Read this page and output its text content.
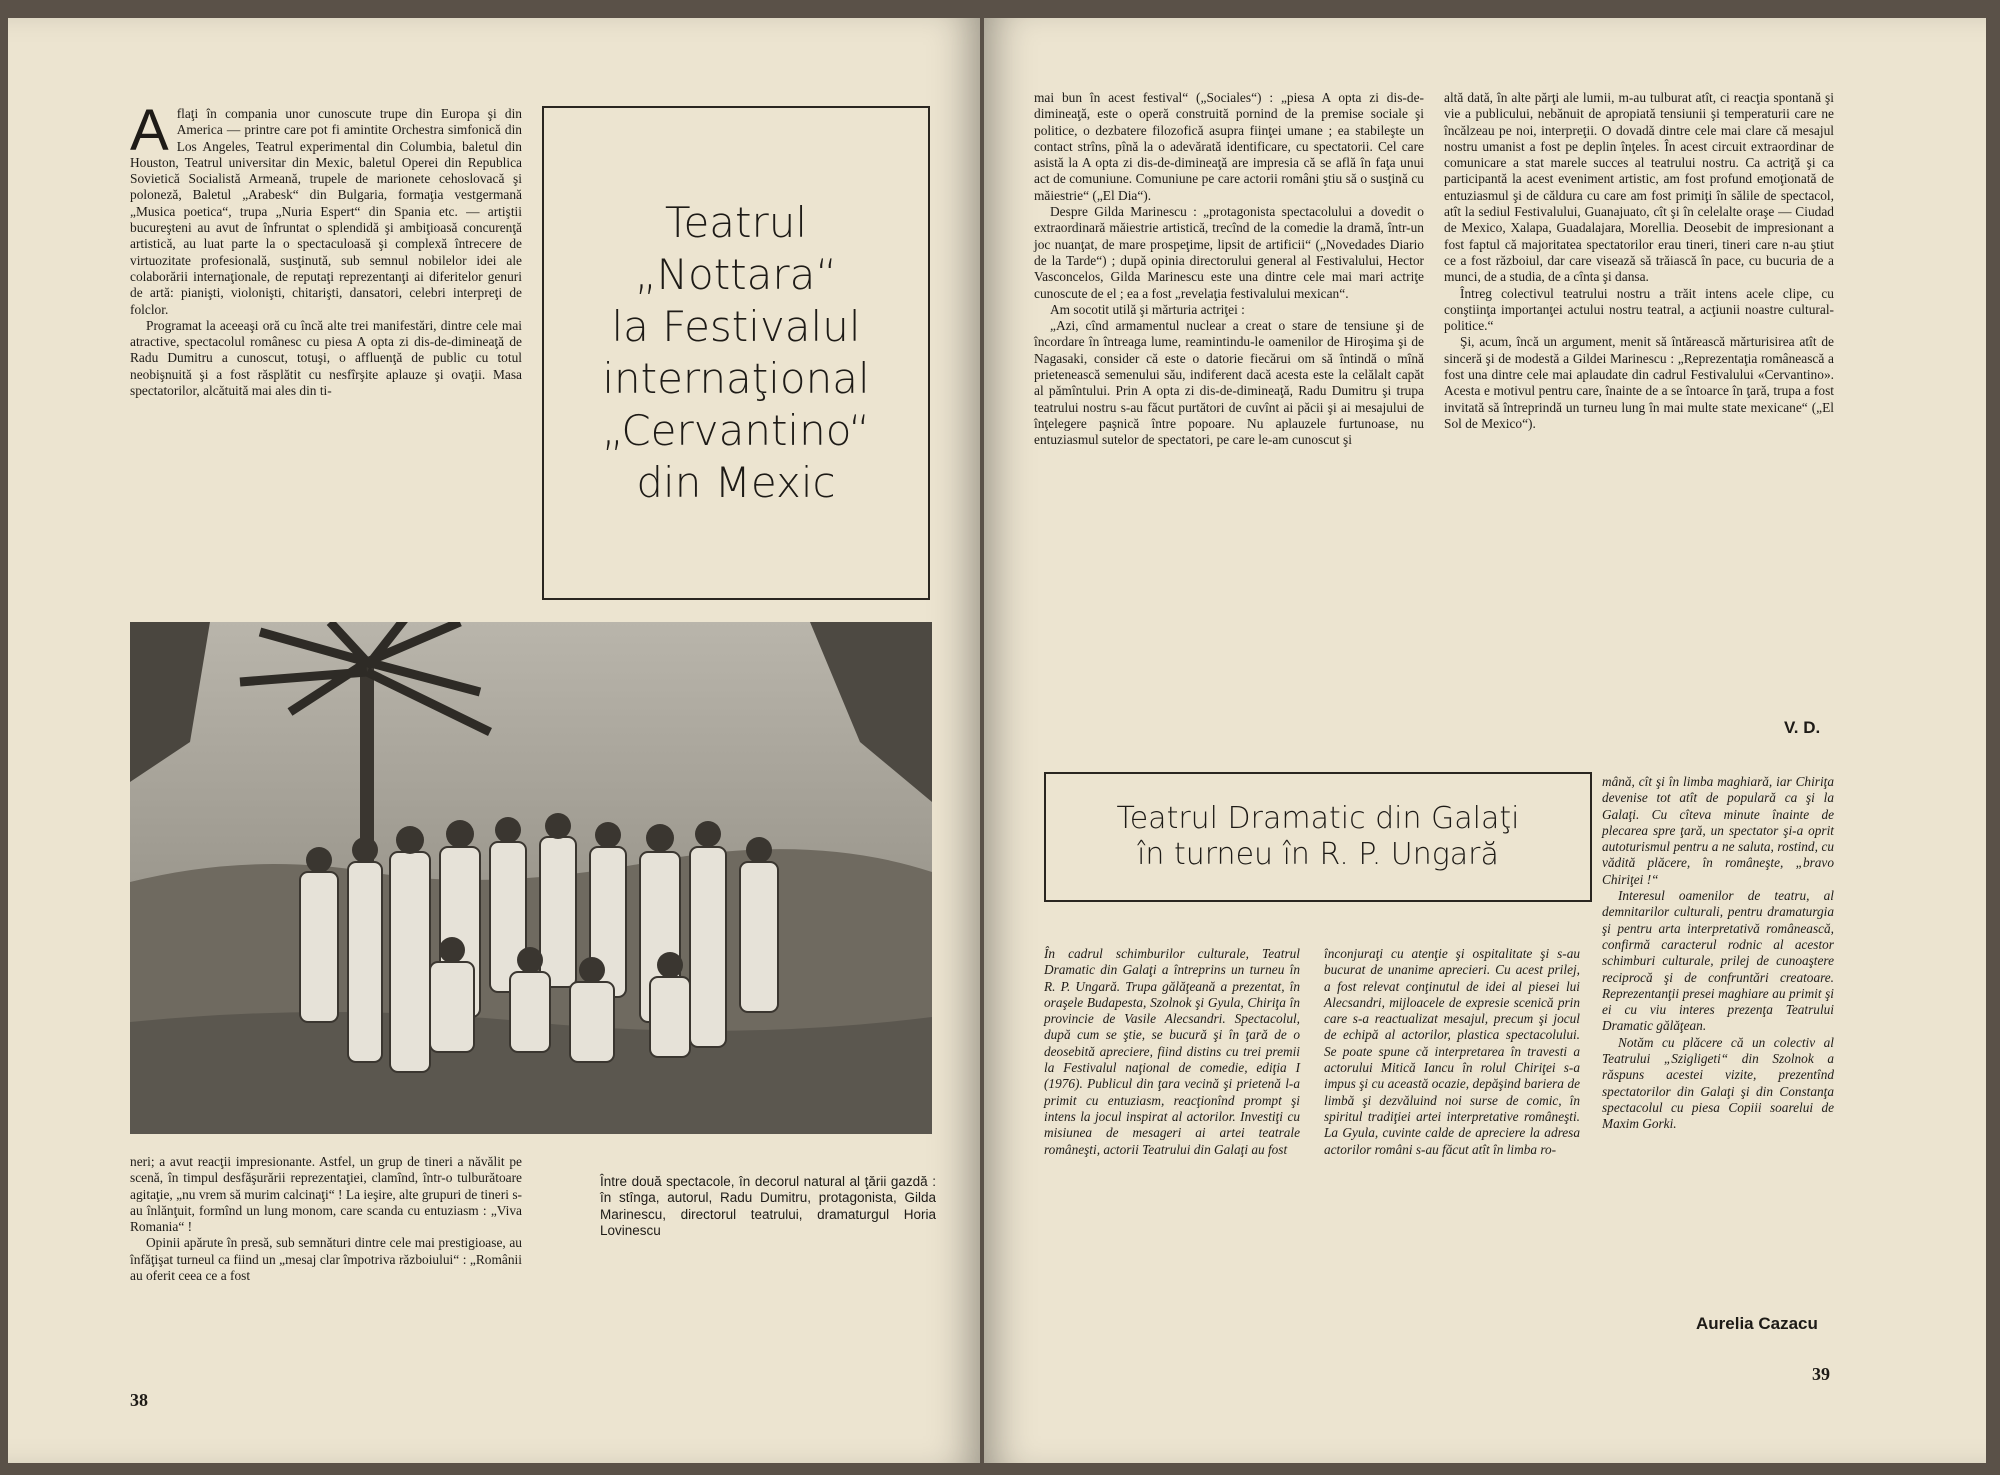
A flaţi în compania unor cunoscute trupe din Europa şi din America — printre care pot fi amintite Orchestra simfonică din Los Angeles, Teatrul experimental din Columbia, baletul din Houston, Teatrul universitar din Mexic, baletul Operei din Republica Sovietică Socialistă Armeană, trupele de marionete cehoslovacă şi poloneză, Baletul „Arabesk“ din Bulgaria, formaţia vestgermană „Musica poetica“, trupa „Nuria Espert“ din Spania etc. — artiştii bucureşteni au avut de înfruntat o splendidă şi ambiţioasă concurenţă artistică, au luat parte la o spectaculoasă şi complexă întrecere de virtuozitate profesională, susţinută, sub semnul nobilelor idei ale colaborării internaţionale, de reputaţi reprezentanţi ai diferitelor genuri de artă: pianişti, violonişti, chitarişti, dansatori, celebri interpreţi de folclor.

Programat la aceeaşi oră cu încă alte trei manifestări, dintre cele mai atractive, spectacolul românesc cu piesa A opta zi dis-de-dimineaţă de Radu Dumitru a cunoscut, totuşi, o affluenţă de public cu totul neobişnuită şi a fost răsplătit cu nesfîrşite aplauze şi ovaţii. Masa spectatorilor, alcătuită mai ales din ti-

Teatrul
„Nottara“
la Festivalul
internaţional
„Cervantino“
din Mexic

neri; a avut reacţii impresionante. Astfel, un grup de tineri a năvălit pe scenă, în timpul desfăşurării reprezentaţiei, clamînd, într-o tulburătoare agitaţie, „nu vrem să murim calcinaţi“ ! La ieşire, alte grupuri de tineri s-au înlănţuit, formînd un lung monom, care scanda cu entuziasm : „Viva Romania“ !

Opinii apărute în presă, sub semnături dintre cele mai prestigioase, au înfăţişat turneul ca fiind un „mesaj clar împotriva războiului“ : „Românii au oferit ceea ce a fost

Între două spectacole, în decorul natural al ţării gazdă : în stînga, autorul, Radu Dumitru, protagonista, Gilda Marinescu, directorul teatrului, dramaturgul Horia Lovinescu
38

mai bun în acest festival“ („Sociales“) : „piesa A opta zi dis-de-dimineaţă, este o operă construită pornind de la premise sociale şi politice, o dezbatere filozofică asupra fiinţei umane ; ea stabileşte un contact strîns, pînă la o adevărată identificare, cu spectatorii. Cel care asistă la A opta zi dis-de-dimineaţă are impresia că se află în faţa unui act de comuniune. Comuniune pe care actorii români ştiu să o susţină cu măiestrie“ („El Dia“).

Despre Gilda Marinescu : „protagonista spectacolului a dovedit o extraordinară măiestrie artistică, trecînd de la comedie la dramă, într-un joc nuanţat, de mare prospeţime, lipsit de artificii“ („Novedades Diario de la Tarde“) ; după opinia directorului general al Festivalului, Hector Vasconcelos, Gilda Marinescu este una dintre cele mai mari actriţe cunoscute de el ; ea a fost „revelaţia festivalului mexican“.

Am socotit utilă şi mărturia actriţei :

„Azi, cînd armamentul nuclear a creat o stare de tensiune şi de încordare în întreaga lume, reamintindu-le oamenilor de Hiroşima şi de Nagasaki, consider că este o datorie fiecărui om să întindă o mînă prietenească semenului său, indiferent dacă acesta este la celălalt capăt al pămîntului. Prin A opta zi dis-de-dimineaţă, Radu Dumitru şi trupa teatrului nostru s-au făcut purtători de cuvînt ai păcii şi ai mesajului de înţelegere paşnică între popoare. Nu aplauzele furtunoase, nu entuziasmul sutelor de spectatori, pe care le-am cunoscut şi

altă dată, în alte părţi ale lumii, m-au tulburat atît, ci reacţia spontană şi vie a publicului, nebănuit de apropiată tensiunii şi temperaturii care ne încălzeau pe noi, interpreţii. O dovadă dintre cele mai clare că mesajul nostru umanist a fost pe deplin înţeles. În acest circuit extraordinar de comunicare a stat marele succes al teatrului nostru. Ca actriţă şi ca participantă la acest eveniment artistic, am fost profund emoţionată de entuziasmul şi de căldura cu care am fost primiţi în sălile de spectacol, atît la sediul Festivalului, Guanajuato, cît şi în celelalte oraşe — Ciudad de Mexico, Xalapa, Guadalajara, Morellia. Deosebit de impresionant a fost faptul că majoritatea spectatorilor erau tineri, tineri care n-au ştiut ce a fost războiul, dar care visează să trăiască în pace, cu bucuria de a munci, de a studia, de a cînta şi dansa.

Întreg colectivul teatrului nostru a trăit intens acele clipe, cu conştiinţa importanţei actului nostru teatral, a acţiunii noastre cultural-politice.“

Şi, acum, încă un argument, menit să întărească mărturisirea atît de sinceră şi de modestă a Gildei Marinescu : „Reprezentaţia românească a fost una dintre cele mai aplaudate din cadrul Festivalului «Cervantino». Acesta e motivul pentru care, înainte de a se întoarce în ţară, trupa a fost invitată să întreprindă un turneu lung în mai multe state mexicane“ („El Sol de Mexico“).

V. D.
Teatrul Dramatic din Galaţi
în turneu în R. P. Ungară

În cadrul schimburilor culturale, Teatrul Dramatic din Galaţi a întreprins un turneu în R. P. Ungară. Trupa gălăţeană a prezentat, în oraşele Budapesta, Szolnok şi Gyula, Chiriţa în provincie de Vasile Alecsandri. Spectacolul, după cum se ştie, se bucură şi în ţară de o deosebită apreciere, fiind distins cu trei premii la Festivalul naţional de comedie, ediţia I (1976). Publicul din ţara vecină şi prietenă l-a primit cu entuziasm, reacţionînd prompt şi intens la jocul inspirat al actorilor. Investiţi cu misiunea de mesageri ai artei teatrale româneşti, actorii Teatrului din Galaţi au fost

înconjuraţi cu atenţie şi ospitalitate şi s-au bucurat de unanime aprecieri. Cu acest prilej, a fost relevat conţinutul de idei al piesei lui Alecsandri, mijloacele de expresie scenică prin care s-a reactualizat mesajul, precum şi jocul de echipă al actorilor, plastica spectacolului. Se poate spune că interpretarea în travesti a actorului Mitică Iancu în rolul Chiriţei s-a impus şi cu această ocazie, depăşind bariera de limbă şi dezvăluind noi surse de comic, în spiritul tradiţiei artei interpretative româneşti. La Gyula, cuvinte calde de apreciere la adresa actorilor români s-au făcut atît în limba ro-

mână, cît şi în limba maghiară, iar Chiriţa devenise tot atît de populară ca şi la Galaţi. Cu cîteva minute înainte de plecarea spre ţară, un spectator şi-a oprit autoturismul pentru a ne saluta, rostind, cu vădită plăcere, în româneşte, „bravo Chiriţei !“

Interesul oamenilor de teatru, al demnitarilor culturali, pentru dramaturgia şi pentru arta interpretativă românească, confirmă caracterul rodnic al acestor schimburi culturale, prilej de cunoaştere reciprocă şi de confruntări creatoare. Reprezentanţii presei maghiare au primit şi ei cu viu interes prezenţa Teatrului Dramatic gălăţean.

Notăm cu plăcere că un colectiv al Teatrului „Szigligeti“ din Szolnok a răspuns acestei vizite, prezentînd spectatorilor din Galaţi şi din Constanţa spectacolul cu piesa Copiii soarelui de Maxim Gorki.

Aurelia Cazacu
39
